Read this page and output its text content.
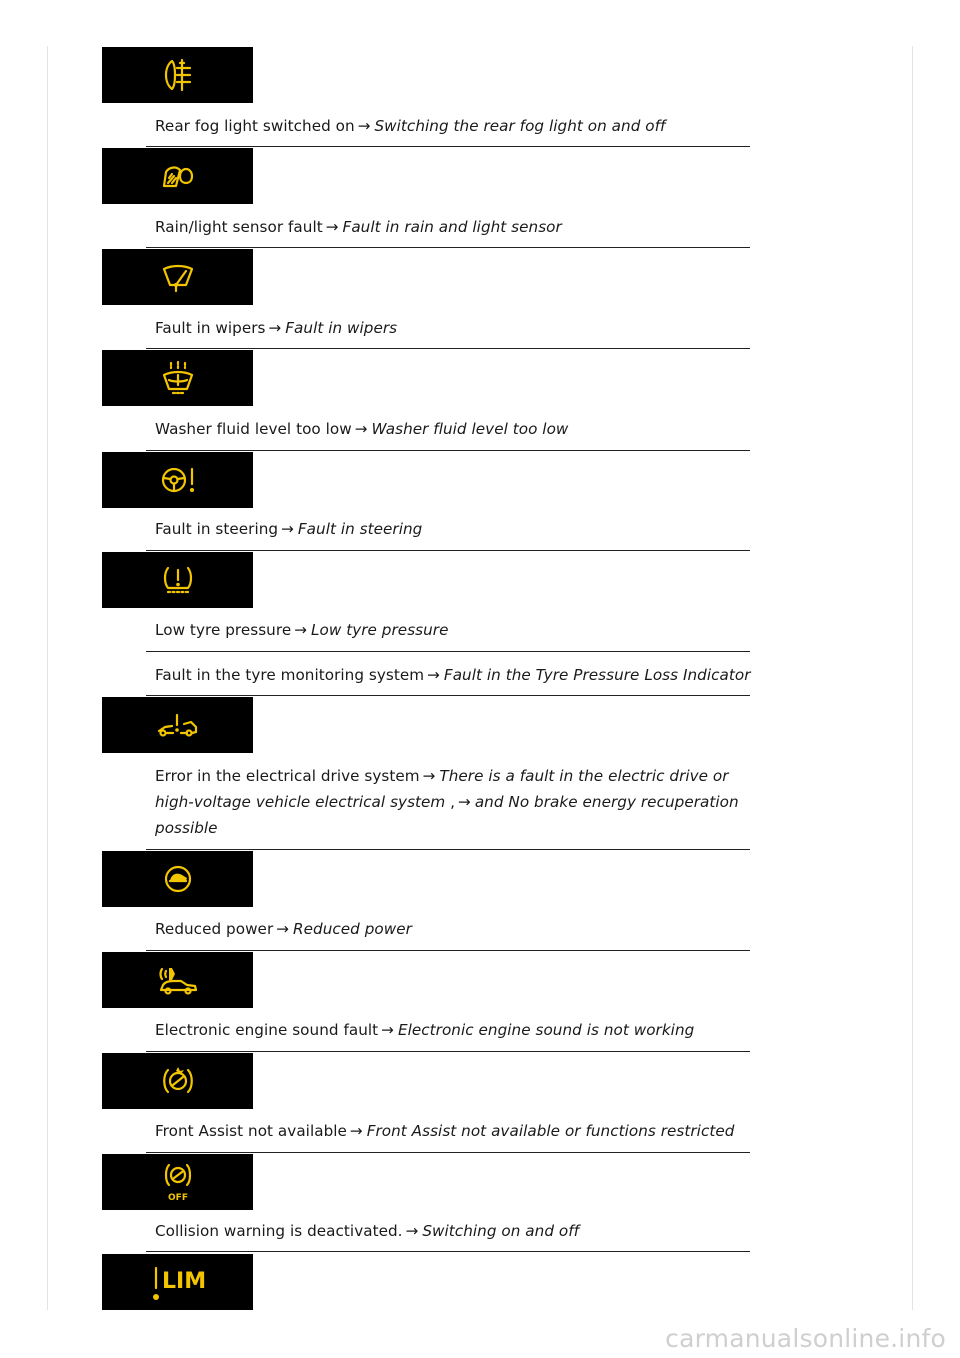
Rear fog light switched on → Switching the rear fog light on and off
Rain/light sensor fault → Fault in rain and light sensor
Fault in wipers → Fault in wipers
Washer fluid level too low → Washer fluid level too low
Fault in steering → Fault in steering
Low tyre pressure → Low tyre pressure
Fault in the tyre monitoring system → Fault in the Tyre Pressure Loss Indicator
Error in the electrical drive system → There is a fault in the electric drive or high-voltage vehicle electrical system , → and No brake energy recuperation possible
Reduced power → Reduced power
Electronic engine sound fault → Electronic engine sound is not working
Front Assist not available → Front Assist not available or functions restricted
OFF
Collision warning is deactivated. → Switching on and off
LIM
carmanualsonline.info
